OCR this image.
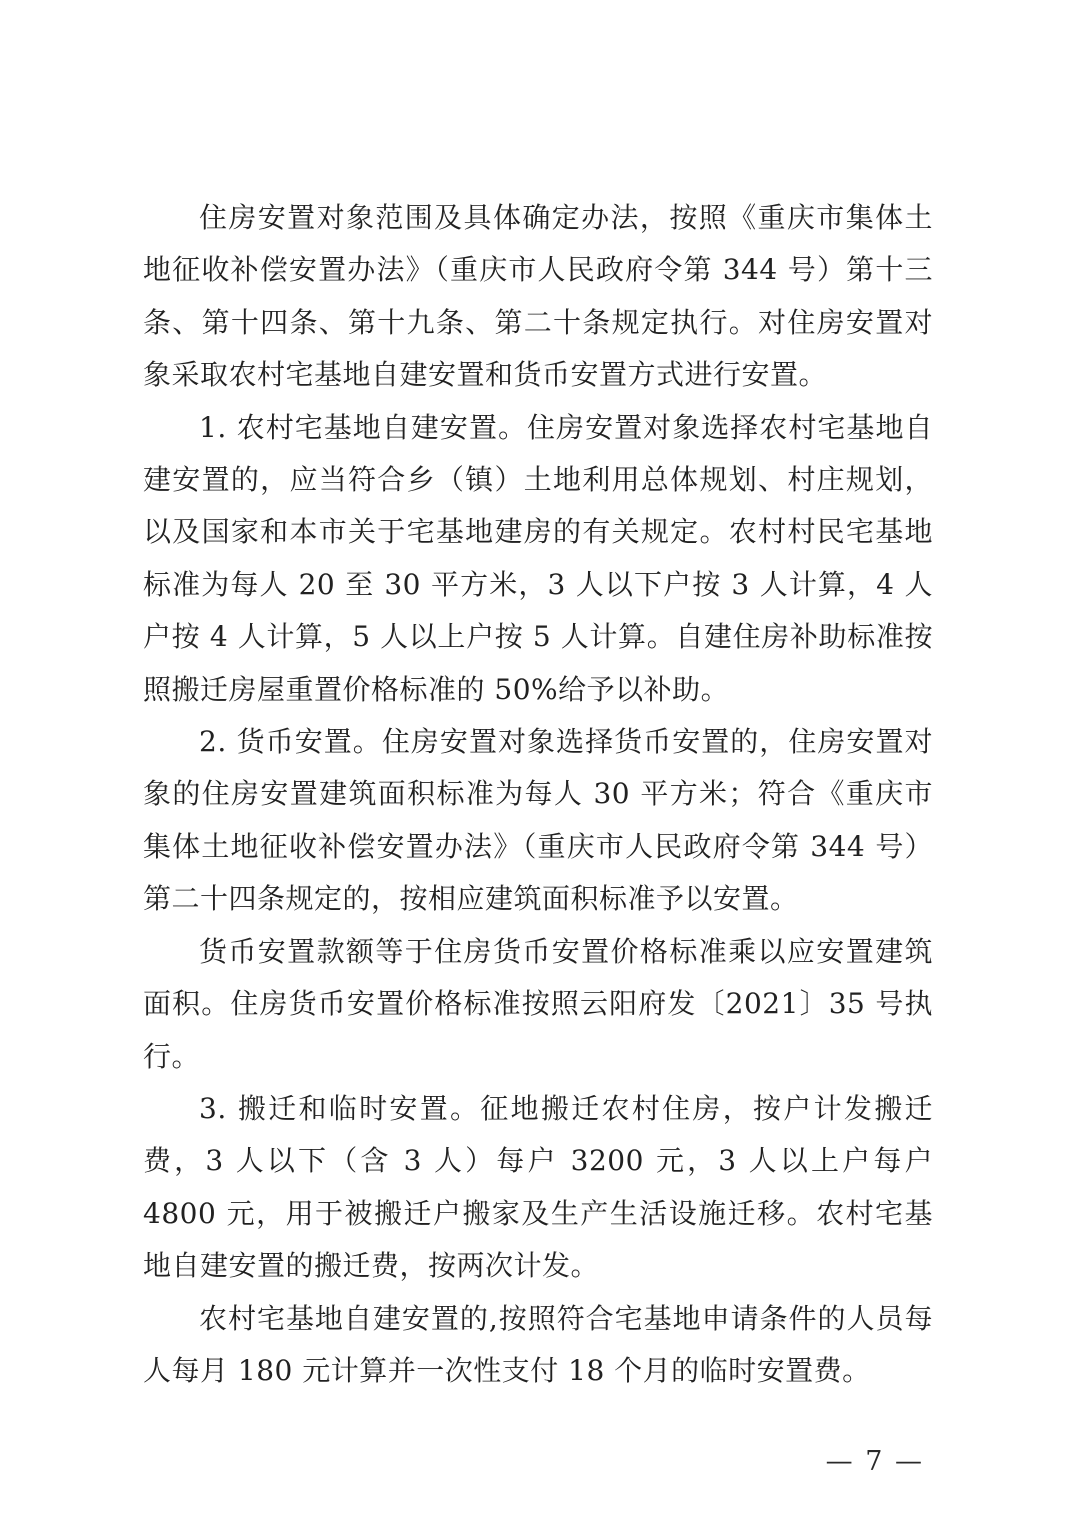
住房安置对象范围及具体确定办法，按照《重庆市集体土地征收补偿安置办法》（重庆市人民政府令第 344 号）第十三条、第十四条、第十九条、第二十条规定执行。对住房安置对象采取农村宅基地自建安置和货币安置方式进行安置。

1. 农村宅基地自建安置。住房安置对象选择农村宅基地自建安置的，应当符合乡（镇）土地利用总体规划、村庄规划，以及国家和本市关于宅基地建房的有关规定。农村村民宅基地标准为每人 20 至 30 平方米，3 人以下户按 3 人计算，4 人户按 4 人计算，5 人以上户按 5 人计算。自建住房补助标准按照搬迁房屋重置价格标准的 50%给予以补助。

2. 货币安置。住房安置对象选择货币安置的，住房安置对象的住房安置建筑面积标准为每人 30 平方米；符合《重庆市集体土地征收补偿安置办法》（重庆市人民政府令第 344 号）第二十四条规定的，按相应建筑面积标准予以安置。

货币安置款额等于住房货币安置价格标准乘以应安置建筑面积。住房货币安置价格标准按照云阳府发〔2021〕35 号执行。

3. 搬迁和临时安置。征地搬迁农村住房，按户计发搬迁费，3 人以下（含 3 人）每户 3200 元，3 人以上户每户 4800 元，用于被搬迁户搬家及生产生活设施迁移。农村宅基地自建安置的搬迁费，按两次计发。

农村宅基地自建安置的,按照符合宅基地申请条件的人员每人每月 180 元计算并一次性支付 18 个月的临时安置费。

— 7 —
